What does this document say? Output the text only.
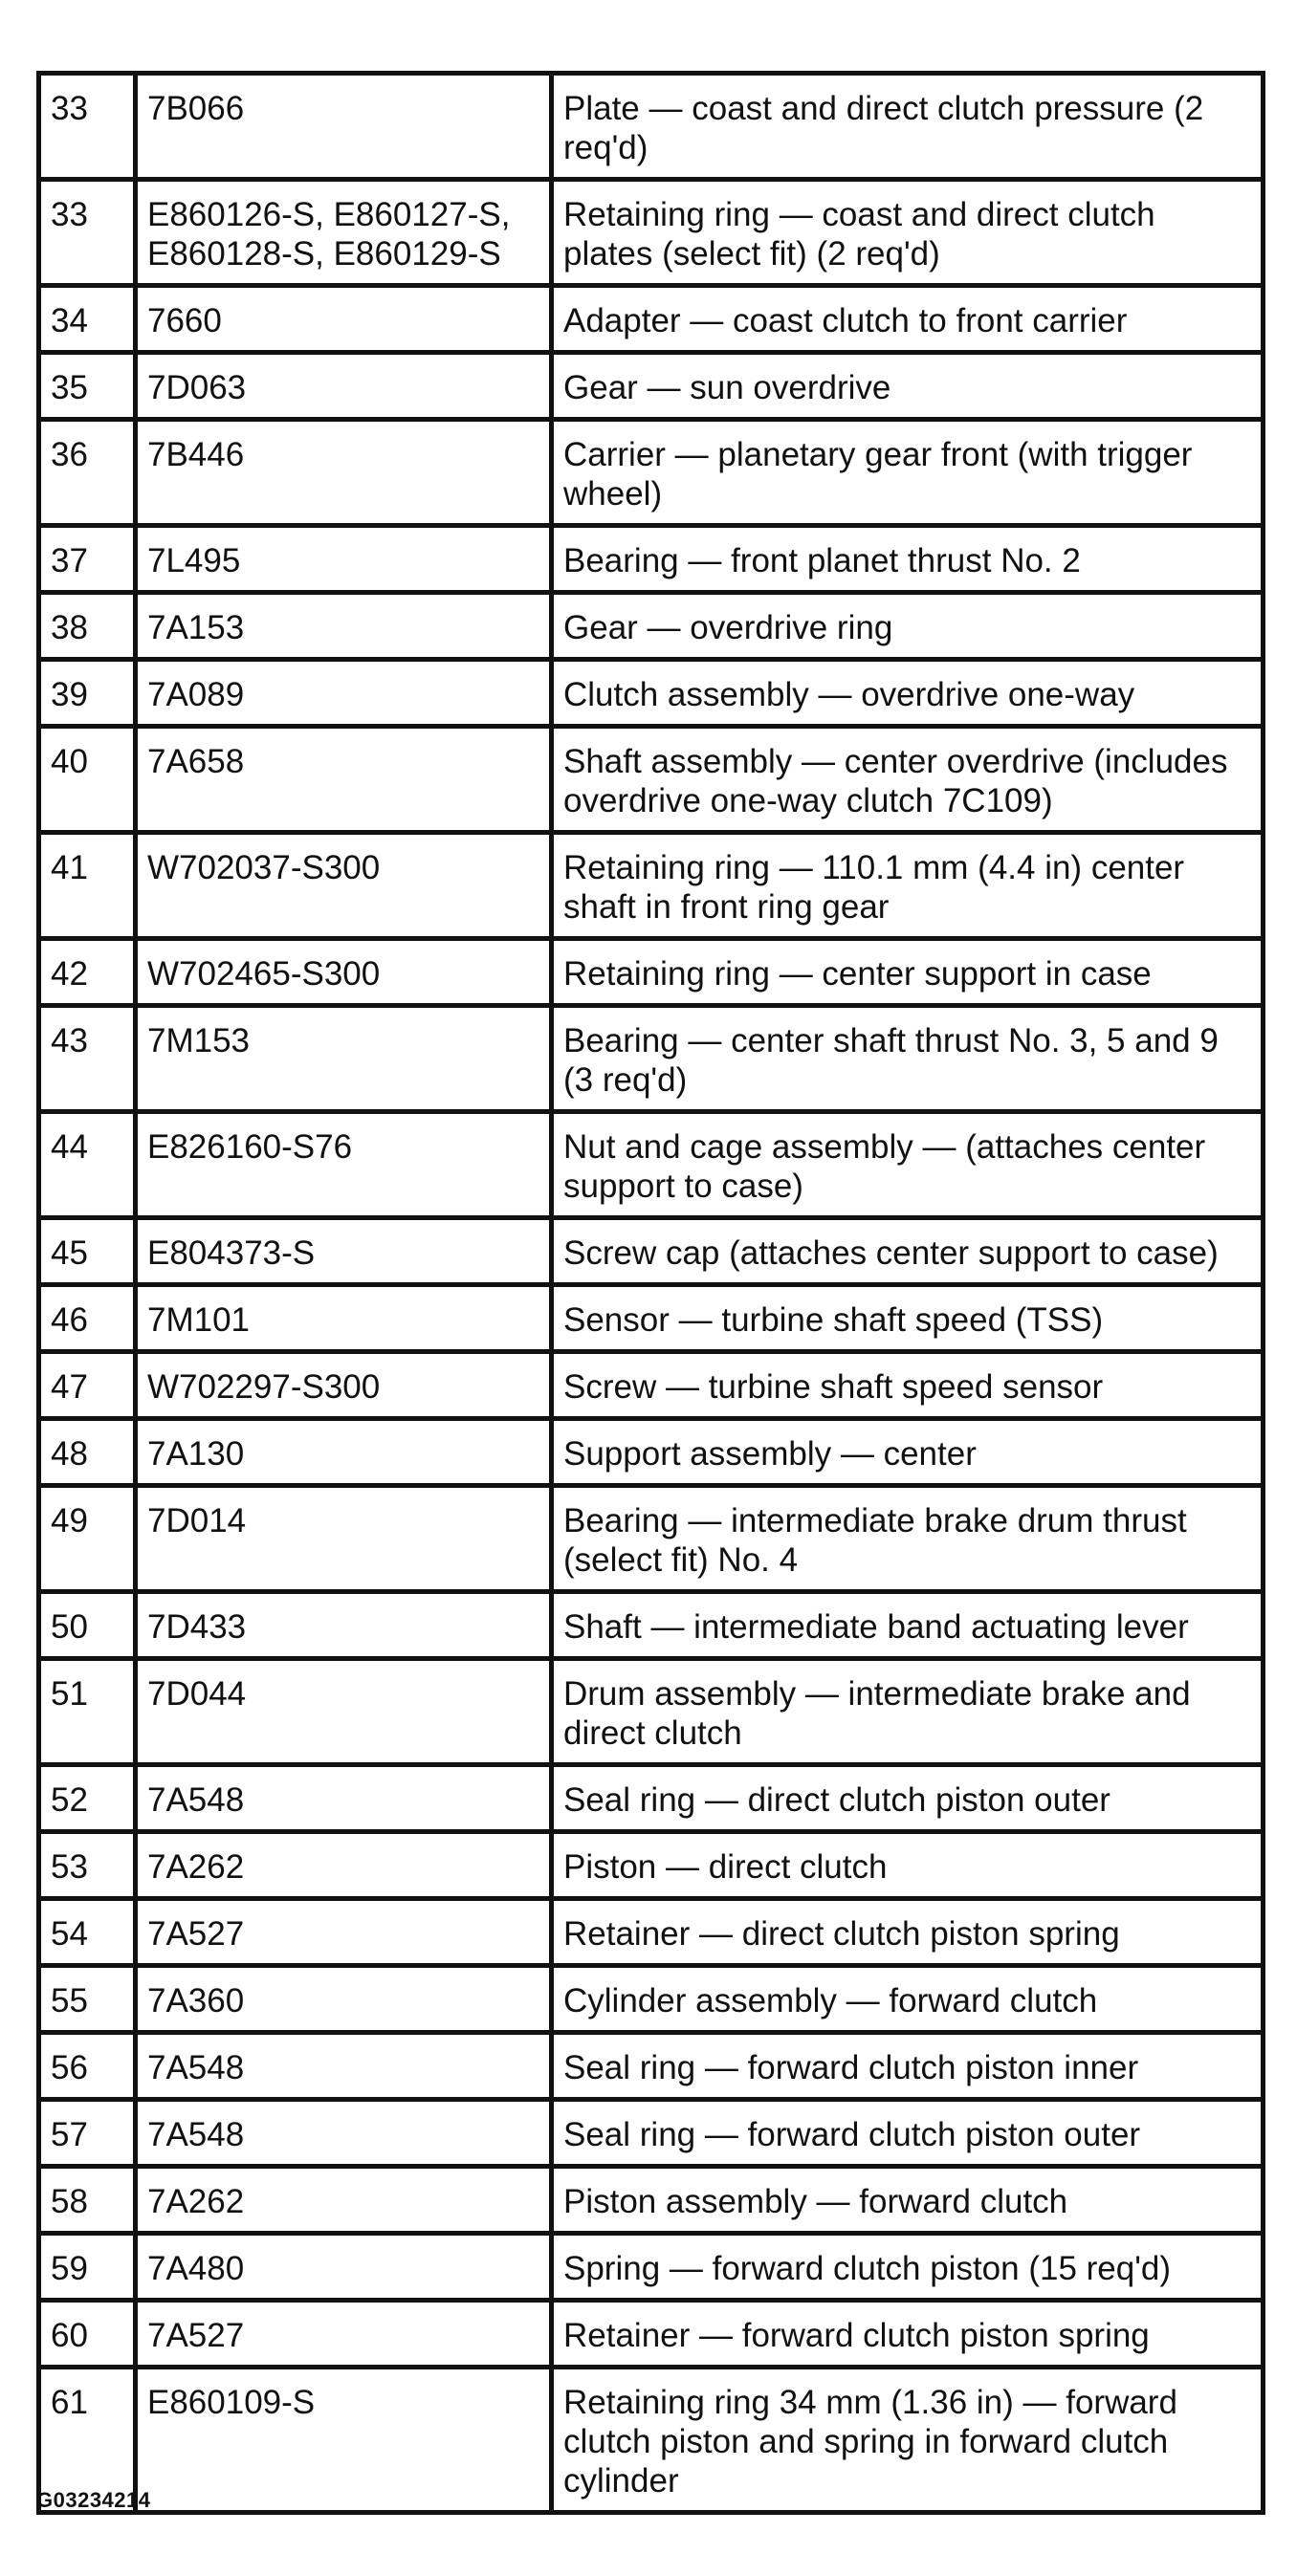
33	7B066	Plate — coast and direct clutch pressure (2 req'd)
33	E860126-S, E860127-S, E860128-S, E860129-S	Retaining ring — coast and direct clutch plates (select fit) (2 req'd)
34	7660	Adapter — coast clutch to front carrier
35	7D063	Gear — sun overdrive
36	7B446	Carrier — planetary gear front (with trigger wheel)
37	7L495	Bearing — front planet thrust No. 2
38	7A153	Gear — overdrive ring
39	7A089	Clutch assembly — overdrive one-way
40	7A658	Shaft assembly — center overdrive (includes overdrive one-way clutch 7C109)
41	W702037-S300	Retaining ring — 110.1 mm (4.4 in) center shaft in front ring gear
42	W702465-S300	Retaining ring — center support in case
43	7M153	Bearing — center shaft thrust No. 3, 5 and 9 (3 req'd)
44	E826160-S76	Nut and cage assembly — (attaches center support to case)
45	E804373-S	Screw cap (attaches center support to case)
46	7M101	Sensor — turbine shaft speed (TSS)
47	W702297-S300	Screw — turbine shaft speed sensor
48	7A130	Support assembly — center
49	7D014	Bearing — intermediate brake drum thrust (select fit) No. 4
50	7D433	Shaft — intermediate band actuating lever
51	7D044	Drum assembly — intermediate brake and direct clutch
52	7A548	Seal ring — direct clutch piston outer
53	7A262	Piston — direct clutch
54	7A527	Retainer — direct clutch piston spring
55	7A360	Cylinder assembly — forward clutch
56	7A548	Seal ring — forward clutch piston inner
57	7A548	Seal ring — forward clutch piston outer
58	7A262	Piston assembly — forward clutch
59	7A480	Spring — forward clutch piston (15 req'd)
60	7A527	Retainer — forward clutch piston spring
61	E860109-S	Retaining ring 34 mm (1.36 in) — forward clutch piston and spring in forward clutch cylinder
G03234214
